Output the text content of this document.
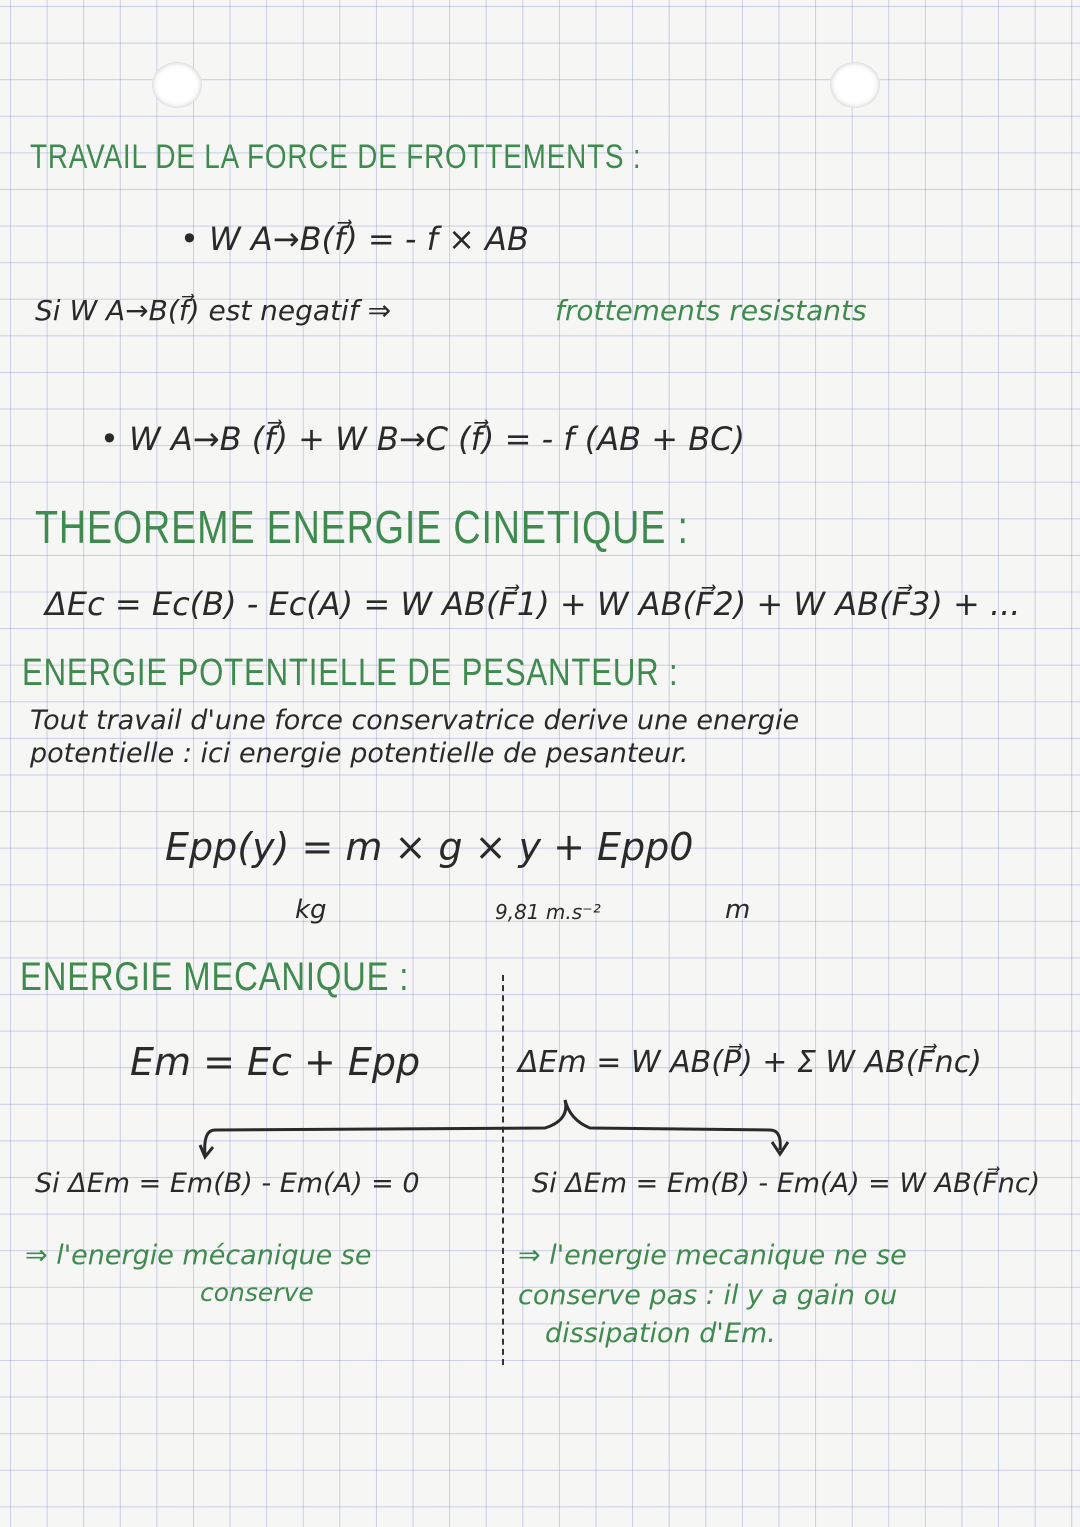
TRAVAIL DE LA FORCE DE FROTTEMENTS :
• W A→B(f⃗) = - f × AB
Si W A→B(f⃗) est negatif ⇒	frottements resistants
• W A→B (f⃗) + W B→C (f⃗) = - f (AB + BC)
THEOREME ENERGIE CINETIQUE :
ΔEc = Ec(B) - Ec(A) = W AB(F⃗1) + W AB(F⃗2) + W AB(F⃗3) + ...
ENERGIE POTENTIELLE DE PESANTEUR :
Tout travail d'une force conservatrice derive une energie
potentielle : ici energie potentielle de pesanteur.
Epp(y) = m × g × y + Epp0
kg	9,81 m.s⁻²	m
ENERGIE MECANIQUE :
Em = Ec + Epp	ΔEm = W AB(P⃗) + Σ W AB(F⃗nc)
Si ΔEm = Em(B) - Em(A) = 0	Si ΔEm = Em(B) - Em(A) = W AB(F⃗nc)
⇒ l'energie mécanique se
conserve
⇒ l'energie mecanique ne se
conserve pas : il y a gain ou
dissipation d'Em.
